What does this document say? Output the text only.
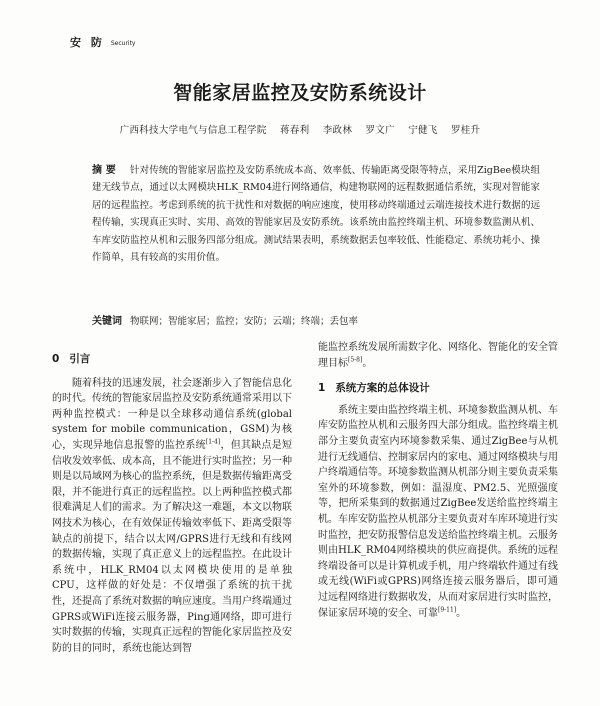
安 防 Security
智能家居监控及安防系统设计
广西科技大学电气与信息工程学院 蒋春利 李政林 罗文广 宁健飞 罗桂升
摘 要 针对传统的智能家居监控及安防系统成本高、效率低、传输距离受限等特点，采用ZigBee模块组建无线节点，通过以太网模块HLK_RM04进行网络通信，构建物联网的远程数据通信系统，实现对智能家居的远程监控。考虑到系统的抗干扰性和对数据的响应速度，使用移动终端通过云端连接技术进行数据的远程传输，实现真正实时、实用、高效的智能家居及安防系统。该系统由监控终端主机、环境参数监测从机、车库安防监控从机和云服务四部分组成。测试结果表明，系统数据丢包率较低、性能稳定、系统功耗小、操作简单，具有较高的实用价值。
关键词 物联网；智能家居；监控；安防；云端；终端；丢包率

0 引言

随着科技的迅速发展，社会逐渐步入了智能信息化的时代。传统的智能家居监控及安防系统通常采用以下两种监控模式：一种是以全球移动通信系统(global system for mobile communication，GSM)为核心，实现异地信息报警的监控系统[1-4]，但其缺点是短信收发效率低、成本高，且不能进行实时监控；另一种则是以局域网为核心的监控系统，但是数据传输距离受限，并不能进行真正的远程监控。以上两种监控模式都很难满足人们的需求。为了解决这一难题，本文以物联网技术为核心，在有效保证传输效率低下、距离受限等缺点的前提下，结合以太网/GPRS进行无线和有线网的数据传输，实现了真正意义上的远程监控。在此设计系统中，HLK_RM04以太网模块使用的是单独CPU，这样做的好处是：不仅增强了系统的抗干扰性，还提高了系统对数据的响应速度。当用户终端通过GPRS或WiFi连接云服务器，Ping通网络，即可进行实时数据的传输，实现真正远程的智能化家居监控及安防的目的同时，系统也能达到智

能监控系统发展所需数字化、网络化、智能化的安全管理目标[5-8]。

1 系统方案的总体设计

系统主要由监控终端主机、环境参数监测从机、车库安防监控从机和云服务四大部分组成。监控终端主机部分主要负责室内环境参数采集、通过ZigBee与从机进行无线通信、控制家居内的家电、通过网络模块与用户终端通信等。环境参数监测从机部分则主要负责采集室外的环境参数，例如：温湿度、PM2.5、光照强度等，把所采集到的数据通过ZigBee发送给监控终端主机。车库安防监控从机部分主要负责对车库环境进行实时监控，把安防报警信息发送给监控终端主机。云服务则由HLK_RM04网络模块的供应商提供。系统的远程终端设备可以是计算机或手机，用户终端软件通过有线或无线(WiFi或GPRS)网络连接云服务器后，即可通过远程网络进行数据收发，从而对家居进行实时监控，保证家居环境的安全、可靠[9-11]。
